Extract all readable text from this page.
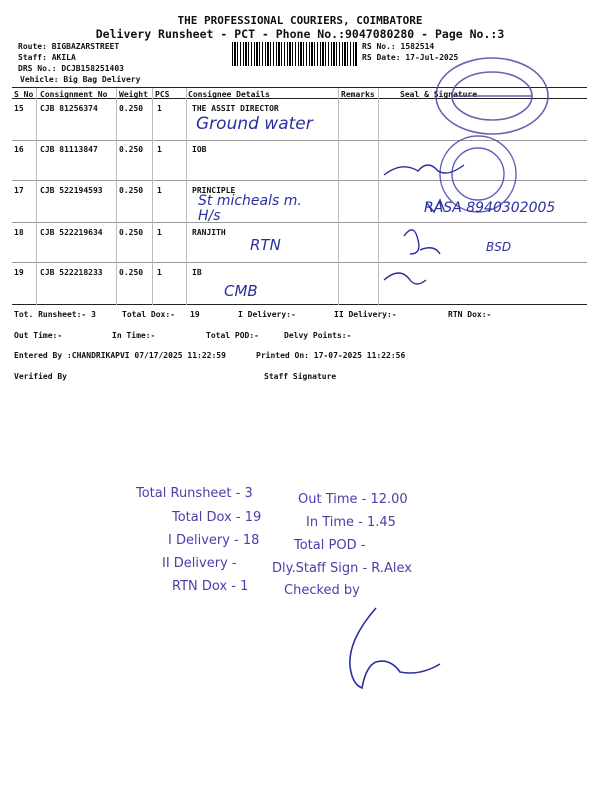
THE PROFESSIONAL COURIERS, COIMBATORE
Delivery Runsheet - PCT - Phone No.:9047080280 - Page No.:3
Route: BIGBAZARSTREET
Staff: AKILA
DRS No.: DCJB158251403
Vehicle: Big Bag Delivery
RS No.: 1582514
RS Date: 17-Jul-2025
S No Consignment No Weight PCS Consignee Details	Remarks	Seal & Signature
15 CJB 81256374	0.250 1	THE ASSIT DIRECTOR
Ground water
16 CJB 81113847	0.250 1	IOB
17 CJB 522194593 0.250 1	PRINCIPLE
St micheals m. H/s
18 CJB 522219634 0.250 1	RANJITH
RTN
19 CJB 522218233 0.250 1	IB
CMB
RASA 8940302005
BSD
Tot. Runsheet:- 3	Total Dox:- 19	I Delivery:-	II Delivery:-	RTN Dox:-
Out Time:-	In Time:-	Total POD:-	Delvy Points:-
Entered By :CHANDRIKAPVI 07/17/2025 11:22:59	Printed On: 17-07-2025 11:22:56
Verified By	Staff Signature
Total Runsheet - 3
Total Dox - 19
I Delivery - 18
II Delivery -
RTN Dox - 1
Out Time - 12.00
In Time - 1.45
Total POD -
Dly.Staff Sign - R.Alex
Checked by
